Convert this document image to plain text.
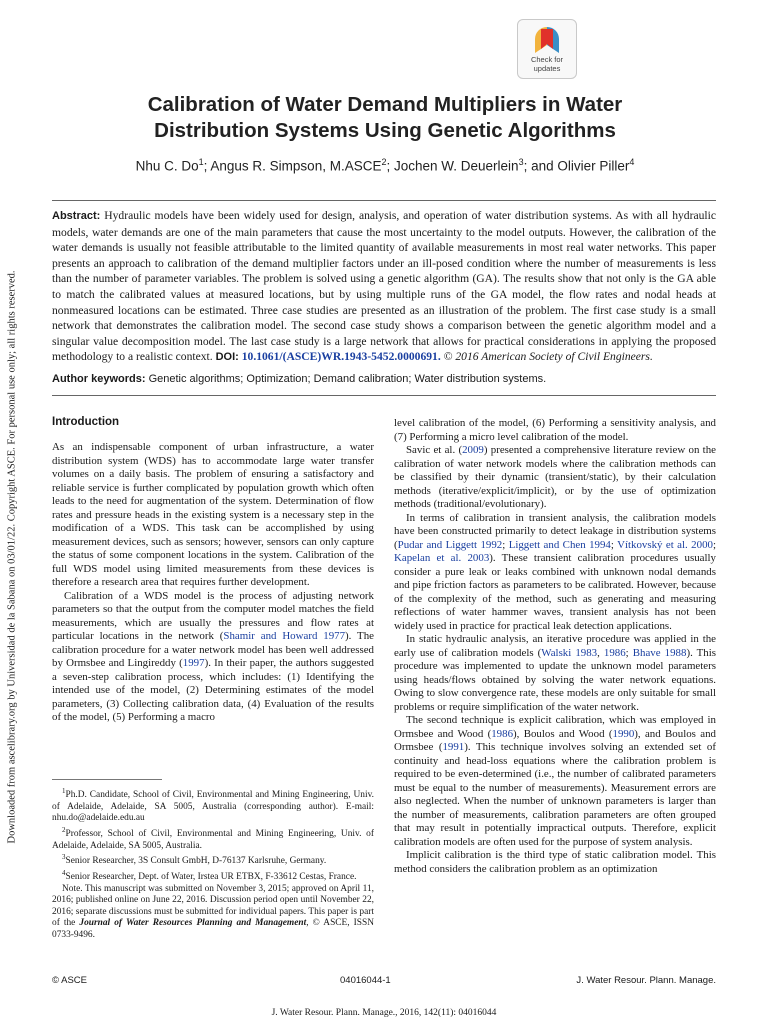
Downloaded from ascelibrary.org by Universidad de la Sabana on 03/01/22. Copyright ASCE. For personal use only; all rights reserved.
Check for
updates
Calibration of Water Demand Multipliers in Water
Distribution Systems Using Genetic Algorithms
Nhu C. Do$^1$; Angus R. Simpson, M.ASCE$^2$; Jochen W. Deuerlein$^3$; and Olivier Piller$^4$
Abstract: Hydraulic models have been widely used for design, analysis, and operation of water distribution systems. As with all hydraulic models, water demands are one of the main parameters that cause the most uncertainty to the model outputs. However, the calibration of the water demands is usually not feasible attributable to the limited quantity of available measurements in most real water networks. This paper presents an approach to calibration of the demand multiplier factors under an ill-posed condition where the number of measurements is less than the number of parameter variables. The problem is solved using a genetic algorithm (GA). The results show that not only is the GA able to match the calibrated values at measured locations, but by using multiple runs of the GA model, the flow rates and nodal heads at nonmeasured locations can be estimated. Three case studies are presented as an illustration of the problem. The first case study is a small network that demonstrates the calibration model. The second case study shows a comparison between the genetic algorithm model and a singular value decomposition model. The last case study is a large network that allows for practical considerations in applying the proposed methodology to a realistic context. DOI: 10.1061/(ASCE)WR.1943-5452.0000691. © 2016 American Society of Civil Engineers.
Author keywords: Genetic algorithms; Optimization; Demand calibration; Water distribution systems.
Introduction

As an indispensable component of urban infrastructure, a water distribution system (WDS) has to accommodate large water transfer volumes on a daily basis. The problem of ensuring a satisfactory and reliable service is further complicated by population growth which often leads to the need for augmentation of the system. Determination of flow rates and pressure heads in the existing system is a necessary step in the modification of a WDS. This task can be accomplished by using measurement devices, such as sensors; however, sensors can only capture the status of some component locations in the system. Calibration of the full WDS model using limited measurements from these devices is therefore a research area that requires further development.

Calibration of a WDS model is the process of adjusting network parameters so that the output from the computer model matches the field measurements, which are usually the pressures and flow rates at particular locations in the network (Shamir and Howard 1977). The calibration procedure for a water network model has been well addressed by Ormsbee and Lingireddy (1997). In their paper, the authors suggested a seven-step calibration process, which includes: (1) Identifying the intended use of the model, (2) Determining estimates of the model parameters, (3) Collecting calibration data, (4) Evaluation of the results of the model, (5) Performing a macro

$^1$Ph.D. Candidate, School of Civil, Environmental and Mining Engineering, Univ. of Adelaide, Adelaide, SA 5005, Australia (corresponding author). E-mail: nhu.do@adelaide.edu.au

$^2$Professor, School of Civil, Environmental and Mining Engineering, Univ. of Adelaide, Adelaide, SA 5005, Australia.

$^3$Senior Researcher, 3S Consult GmbH, D-76137 Karlsruhe, Germany.

$^4$Senior Researcher, Dept. of Water, Irstea UR ETBX, F-33612 Cestas, France.

Note. This manuscript was submitted on November 3, 2015; approved on April 11, 2016; published online on June 22, 2016. Discussion period open until November 22, 2016; separate discussions must be submitted for individual papers. This paper is part of the Journal of Water Resources Planning and Management, © ASCE, ISSN 0733-9496.

level calibration of the model, (6) Performing a sensitivity analysis, and (7) Performing a micro level calibration of the model.

Savic et al. (2009) presented a comprehensive literature review on the calibration of water network models where the calibration methods can be classified by their dynamic (transient/static), by their calculation methods (iterative/explicit/implicit), or by the use of optimization methods (traditional/evolutionary).

In terms of calibration in transient analysis, the calibration models have been constructed primarily to detect leakage in distribution systems (Pudar and Liggett 1992; Liggett and Chen 1994; Vítkovský et al. 2000; Kapelan et al. 2003). These transient calibration procedures usually consider a pure leak or leaks combined with unknown nodal demands and pipe friction factors as parameters to be calibrated. However, because of the complexity of the method, such as generating and measuring reflections of water hammer waves, transient analysis has not been widely used in practice for practical leak detection applications.

In static hydraulic analysis, an iterative procedure was applied in the early use of calibration models (Walski 1983, 1986; Bhave 1988). This procedure was implemented to update the unknown model parameters using heads/flows obtained by solving the water network equations. Owing to slow convergence rate, these models are only suitable for small problems or require simplification of the water network.

The second technique is explicit calibration, which was employed in Ormsbee and Wood (1986), Boulos and Wood (1990), and Boulos and Ormsbee (1991). This technique involves solving an extended set of continuity and head-loss equations where the calibration problem is required to be even-determined (i.e., the number of calibrated parameters must be equal to the number of measurements). Measurement errors are also neglected. When the number of unknown parameters is larger than the number of measurements, calibration parameters are often grouped that may result in potentially impractical outputs. Therefore, explicit calibration models are often used for the purpose of system analysis.

Implicit calibration is the third type of static calibration model. This method considers the calibration problem as an optimization

© ASCE	04016044-1	J. Water Resour. Plann. Manage.
J. Water Resour. Plann. Manage., 2016, 142(11): 04016044
